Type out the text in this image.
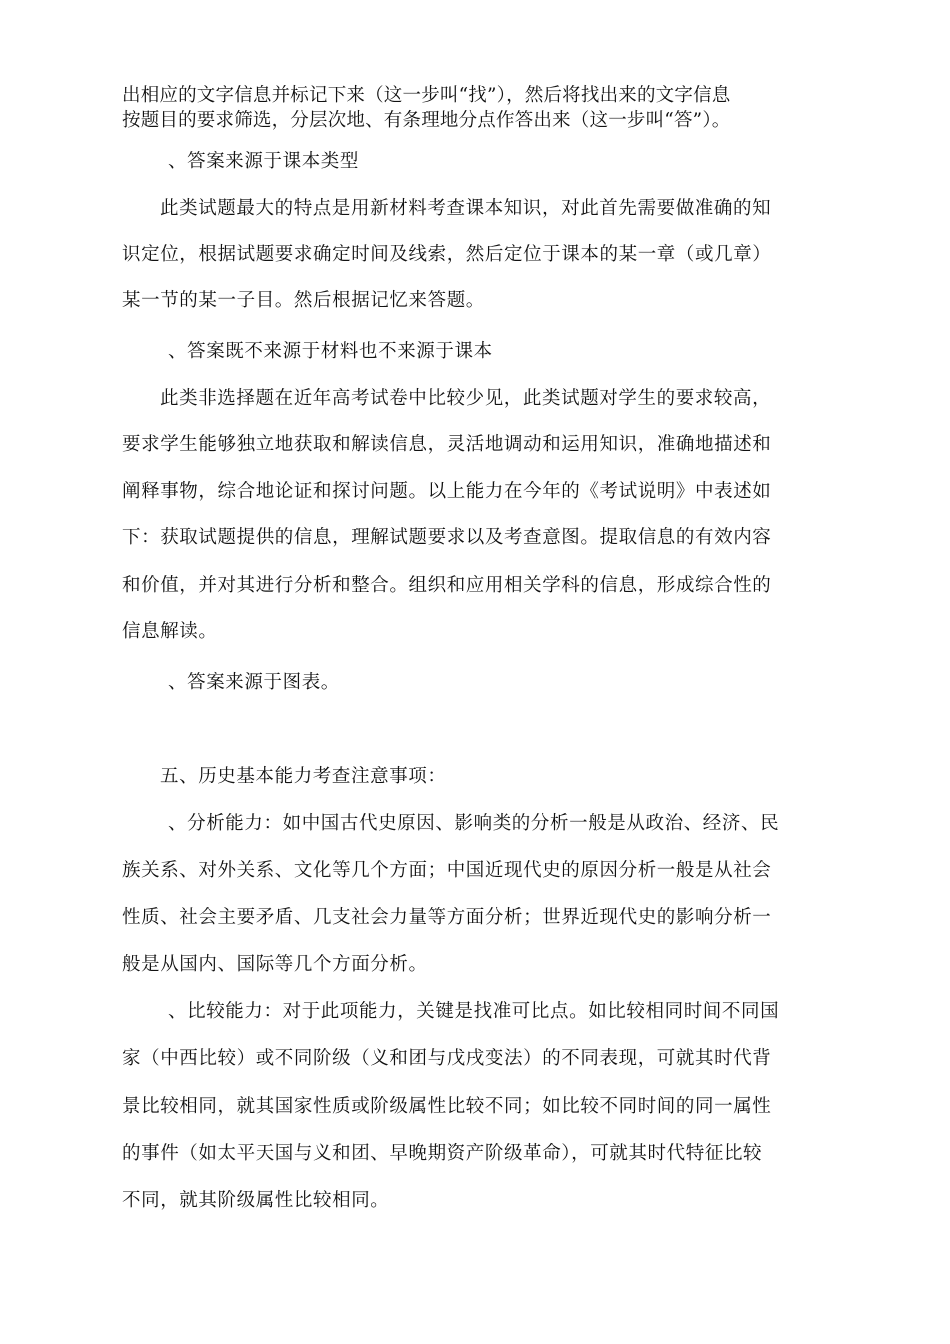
出相应的文字信息并标记下来（这一步叫“找”），然后将找出来的文字信息
按题目的要求筛选，分层次地、有条理地分点作答出来（这一步叫“答”）。
、答案来源于课本类型
此类试题最大的特点是用新材料考查课本知识，对此首先需要做准确的知
识定位，根据试题要求确定时间及线索，然后定位于课本的某一章（或几章）
某一节的某一子目。然后根据记忆来答题。
、答案既不来源于材料也不来源于课本
此类非选择题在近年高考试卷中比较少见，此类试题对学生的要求较高，
要求学生能够独立地获取和解读信息，灵活地调动和运用知识，准确地描述和
阐释事物，综合地论证和探讨问题。以上能力在今年的《考试说明》中表述如
下：获取试题提供的信息，理解试题要求以及考查意图。提取信息的有效内容
和价值，并对其进行分析和整合。组织和应用相关学科的信息，形成综合性的
信息解读。
、答案来源于图表。
五、历史基本能力考查注意事项：
、分析能力：如中国古代史原因、影响类的分析一般是从政治、经济、民
族关系、对外关系、文化等几个方面；中国近现代史的原因分析一般是从社会
性质、社会主要矛盾、几支社会力量等方面分析；世界近现代史的影响分析一
般是从国内、国际等几个方面分析。
、比较能力：对于此项能力，关键是找准可比点。如比较相同时间不同国
家（中西比较）或不同阶级（义和团与戊戌变法）的不同表现，可就其时代背
景比较相同，就其国家性质或阶级属性比较不同；如比较不同时间的同一属性
的事件（如太平天国与义和团、早晚期资产阶级革命），可就其时代特征比较
不同，就其阶级属性比较相同。
